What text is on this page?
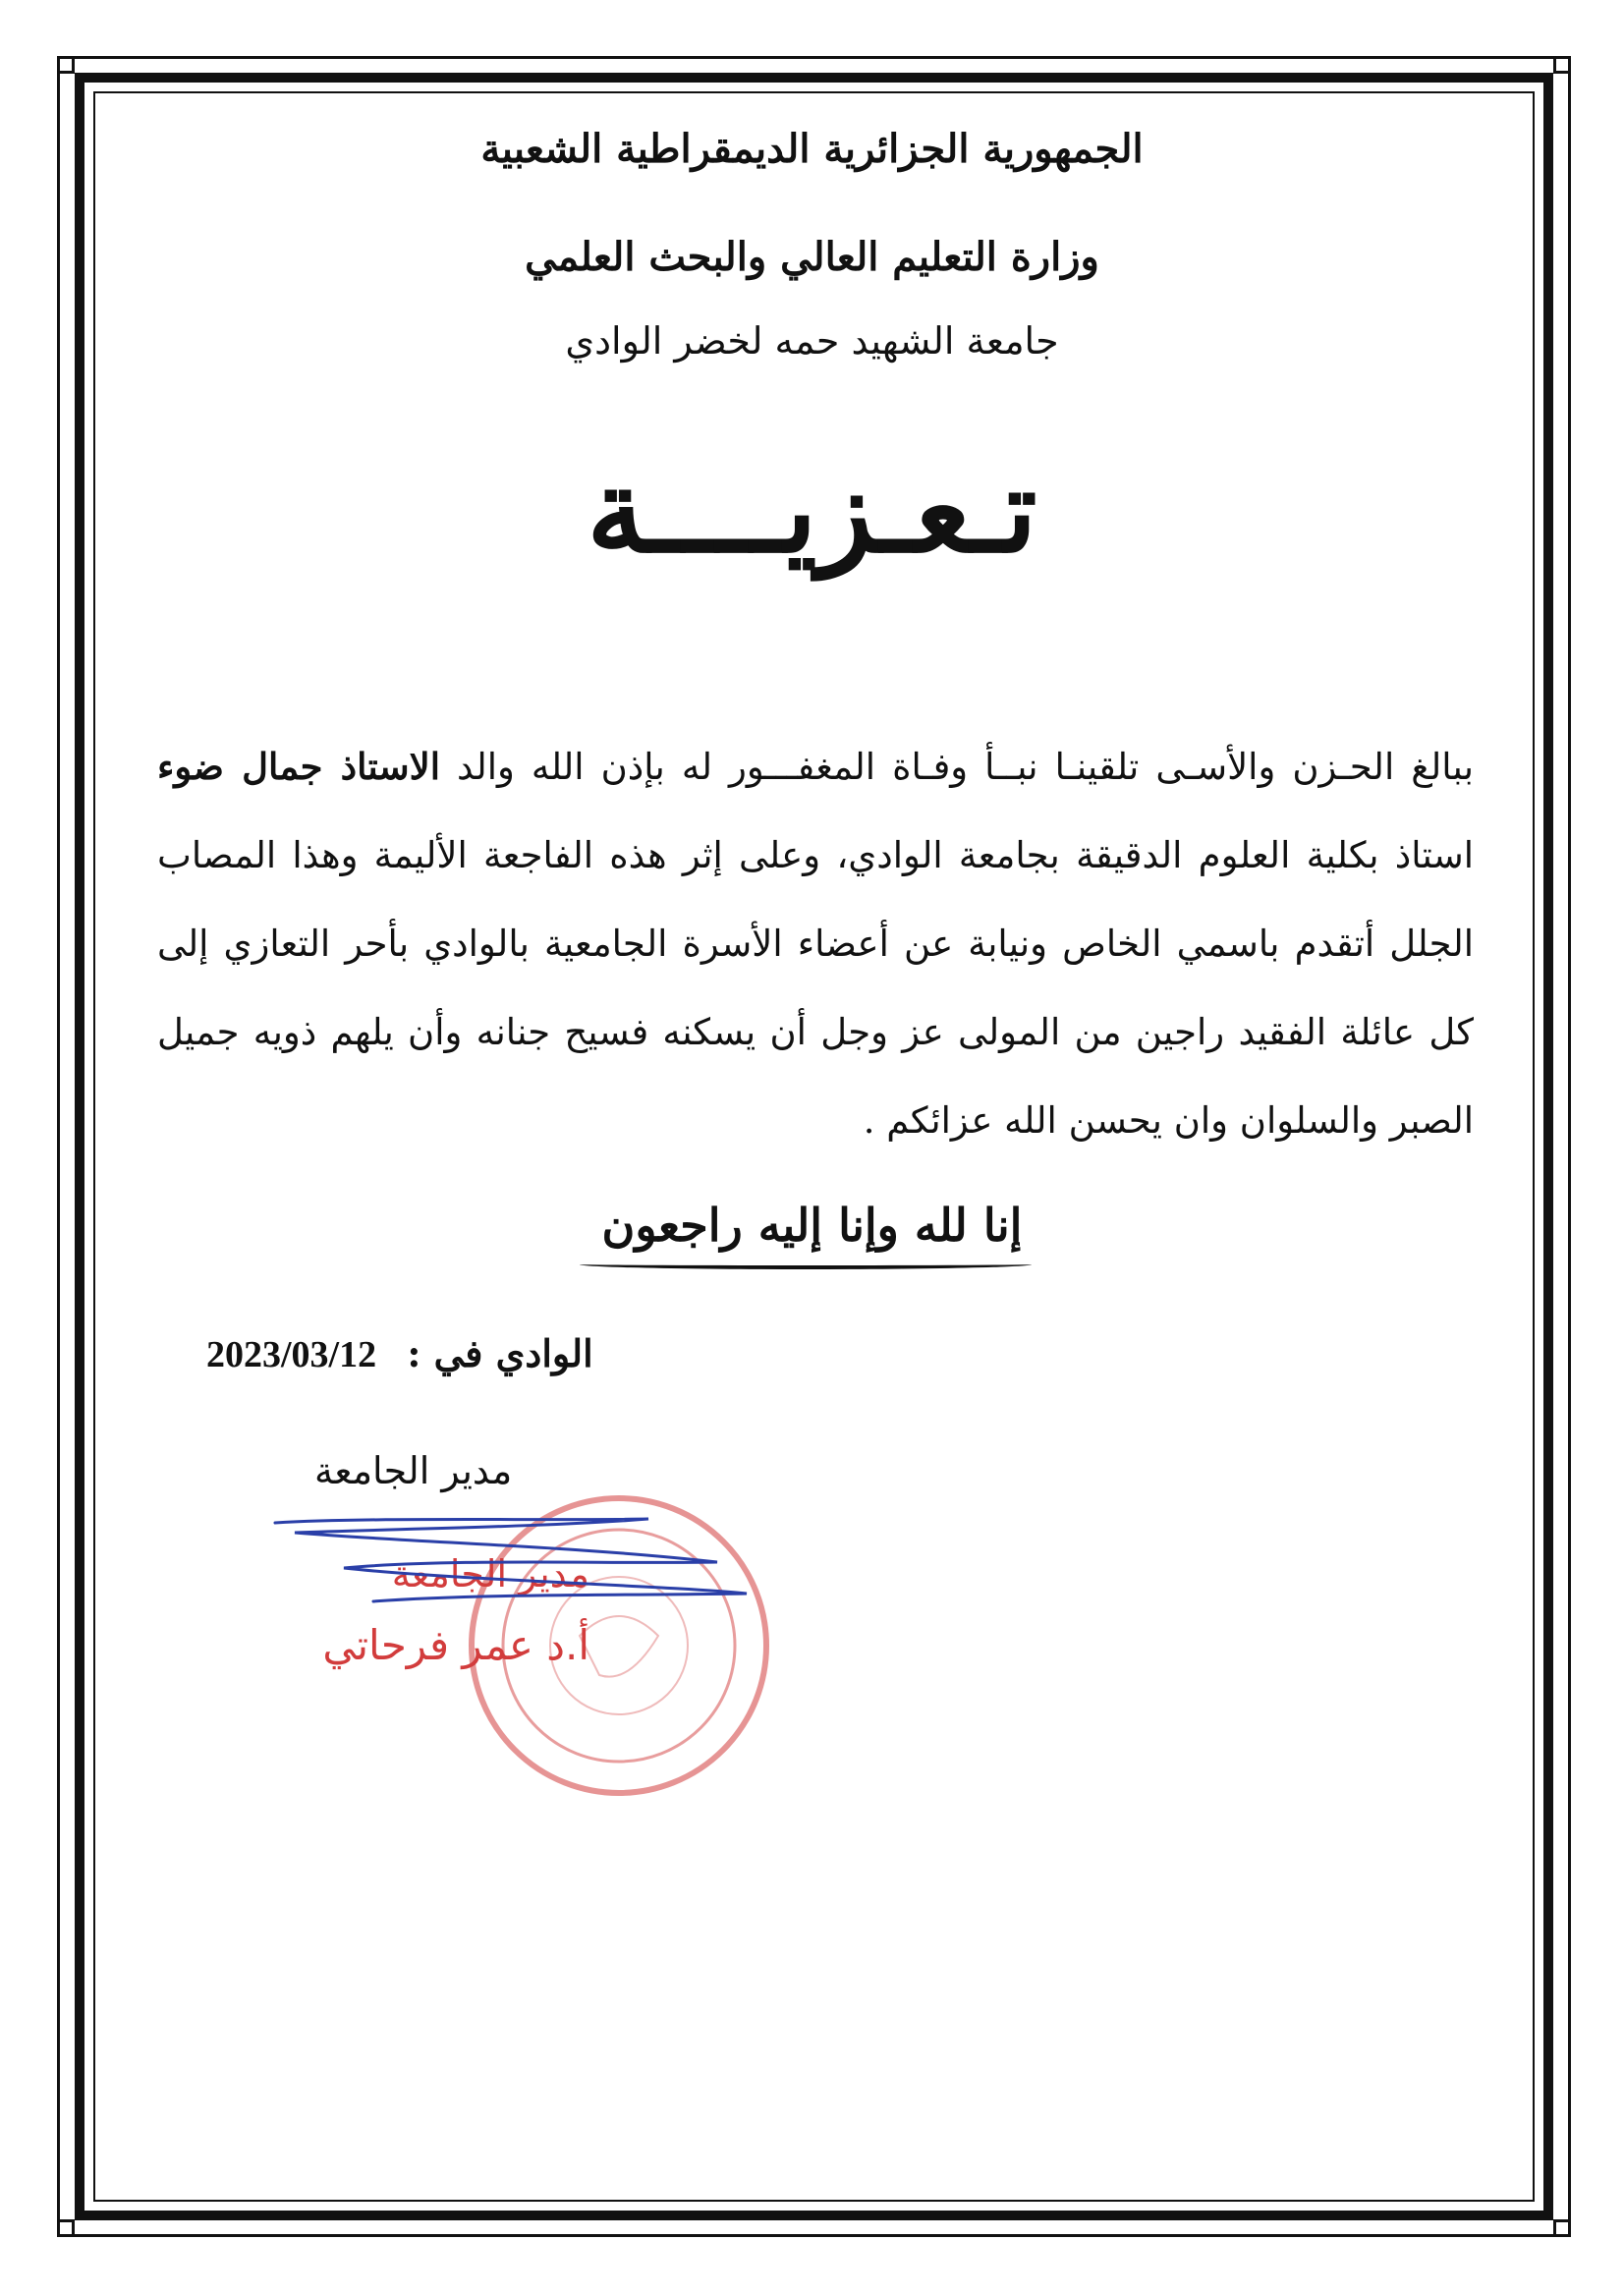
الجمهورية الجزائرية الديمقراطية الشعبية
وزارة التعليم العالي والبحث العلمي
جامعة الشهيد حمه لخضر الوادي
تـعـزيــــة
ببالغ الحـزن والأسـى تلقينـا نبــأ وفـاة المغفـــور له بإذن الله والد الاستاذ جمال ضوء استاذ بكلية العلوم الدقيقة بجامعة الوادي، وعلى إثر هذه الفاجعة الأليمة وهذا المصاب الجلل أتقدم باسمي الخاص ونيابة عن أعضاء الأسرة الجامعية بالوادي بأحر التعازي إلى كل عائلة الفقيد راجين من المولى عز وجل أن يسكنه فسيح جنانه وأن يلهم ذويه جميل الصبر والسلوان وان يحسن الله عزائكم .
إنا لله وإنا إليه راجعون
الوادي في : 2023/03/12
مدير الجامعة
مدير الجامعة
أ.د عمر فرحاتي
